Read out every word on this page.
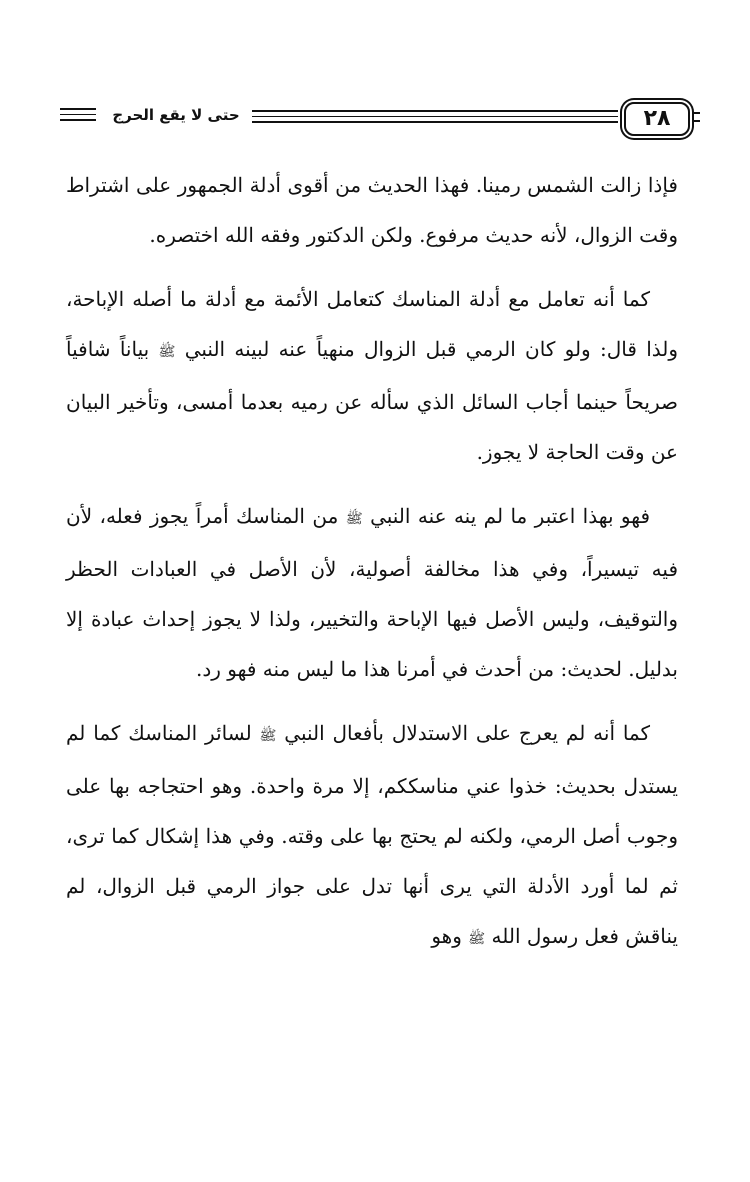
٢٨
حتى لا يقع الحرج

فإذا زالت الشمس رمينا. فهذا الحديث من أقوى أدلة الجمهور على اشتراط وقت الزوال، لأنه حديث مرفوع. ولكن الدكتور وفقه الله اختصره.

كما أنه تعامل مع أدلة المناسك كتعامل الأئمة مع أدلة ما أصله الإباحة، ولذا قال: ولو كان الرمي قبل الزوال منهياً عنه لبينه النبي ﷺ بياناً شافياً صريحاً حينما أجاب السائل الذي سأله عن رميه بعدما أمسى، وتأخير البيان عن وقت الحاجة لا يجوز.

فهو بهذا اعتبر ما لم ينه عنه النبي ﷺ من المناسك أمراً يجوز فعله، لأن فيه تيسيراً، وفي هذا مخالفة أصولية، لأن الأصل في العبادات الحظر والتوقيف، وليس الأصل فيها الإباحة والتخيير، ولذا لا يجوز إحداث عبادة إلا بدليل. لحديث: من أحدث في أمرنا هذا ما ليس منه فهو رد.

كما أنه لم يعرج على الاستدلال بأفعال النبي ﷺ لسائر المناسك كما لم يستدل بحديث: خذوا عني مناسككم، إلا مرة واحدة. وهو احتجاجه بها على وجوب أصل الرمي، ولكنه لم يحتج بها على وقته. وفي هذا إشكال كما ترى، ثم لما أورد الأدلة التي يرى أنها تدل على جواز الرمي قبل الزوال، لم يناقش فعل رسول الله ﷺ وهو
